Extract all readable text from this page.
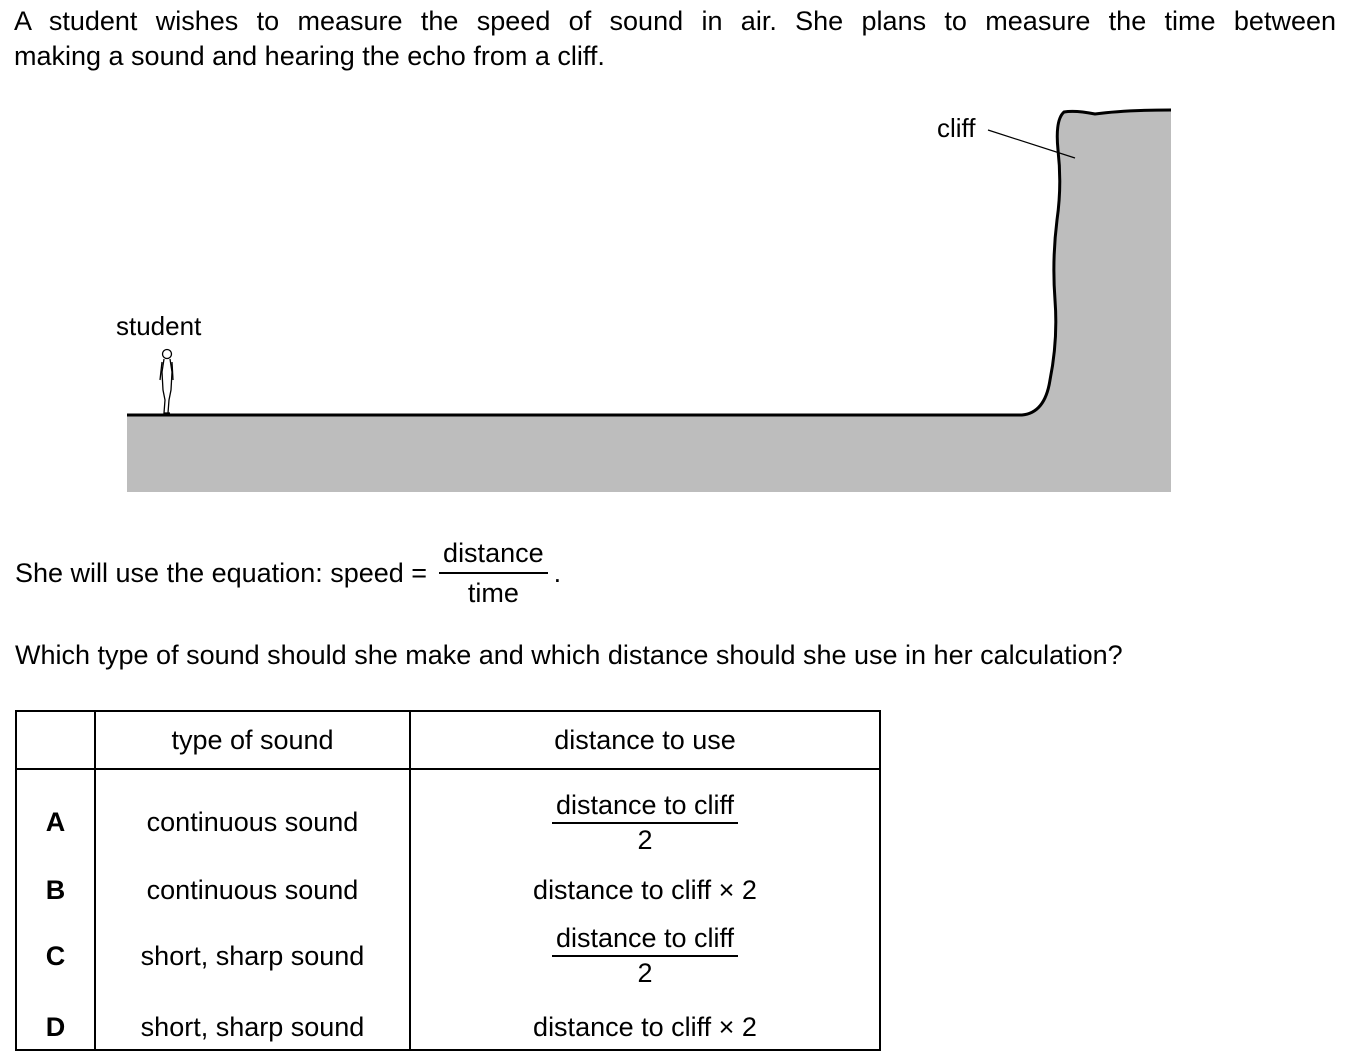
A student wishes to measure the speed of sound in air. She plans to measure the time between
making a sound and hearing the echo from a cliff.
cliff
student
She will use the equation: speed = $\frac{\text{distance}}{\text{time}}$ .

Which type of sound should she make and which distance should she use in her calculation?

	type of sound	distance to use
A	continuous sound	distance to cliff
2

B	continuous sound	distance to cliff × 2
C	short, sharp sound	distance to cliff
2

D	short, sharp sound	distance to cliff × 2
